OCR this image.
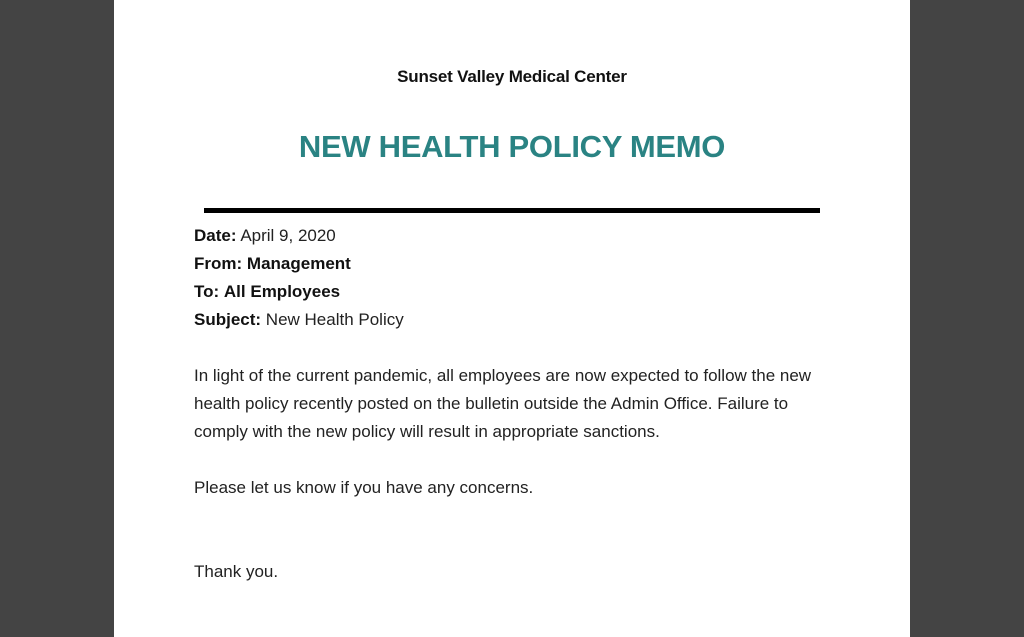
Sunset Valley Medical Center
NEW HEALTH POLICY MEMO
Date: April 9, 2020
From: Management
To: All Employees
Subject: New Health Policy
In light of the current pandemic, all employees are now expected to follow the new health policy recently posted on the bulletin outside the Admin Office. Failure to comply with the new policy will result in appropriate sanctions.
Please let us know if you have any concerns.
Thank you.
